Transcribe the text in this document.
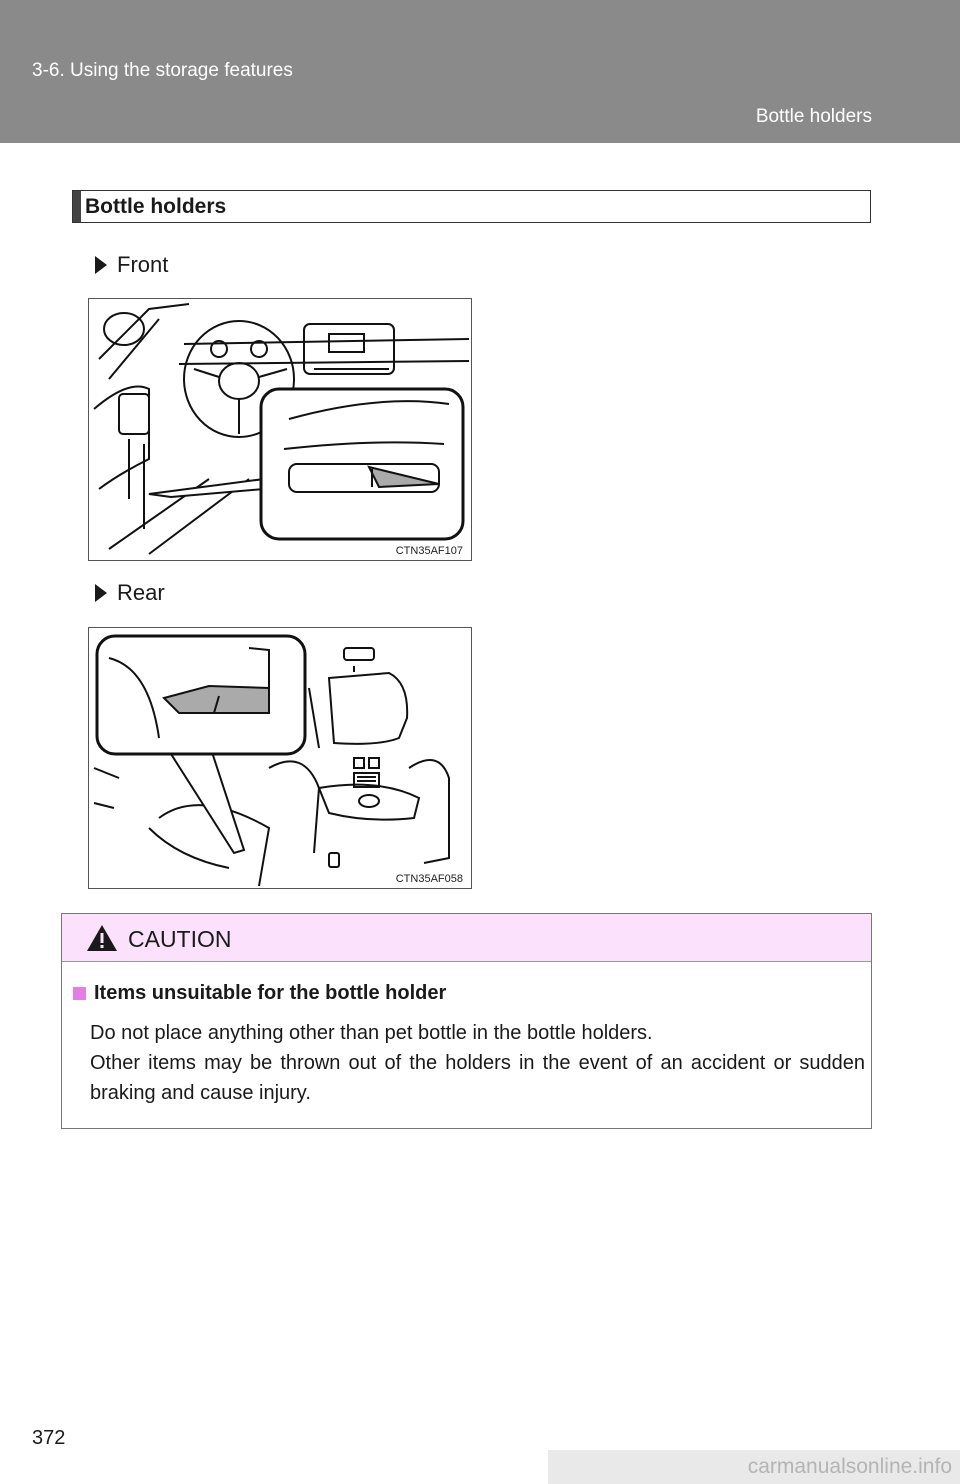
3-6. Using the storage features
Bottle holders
Bottle holders
Front
CTN35AF107
Rear
CTN35AF058
CAUTION
Items unsuitable for the bottle holder

Do not place anything other than pet bottle in the bottle holders.

Other items may be thrown out of the holders in the event of an accident or sudden braking and cause injury.

372
carmanualsonline.info
